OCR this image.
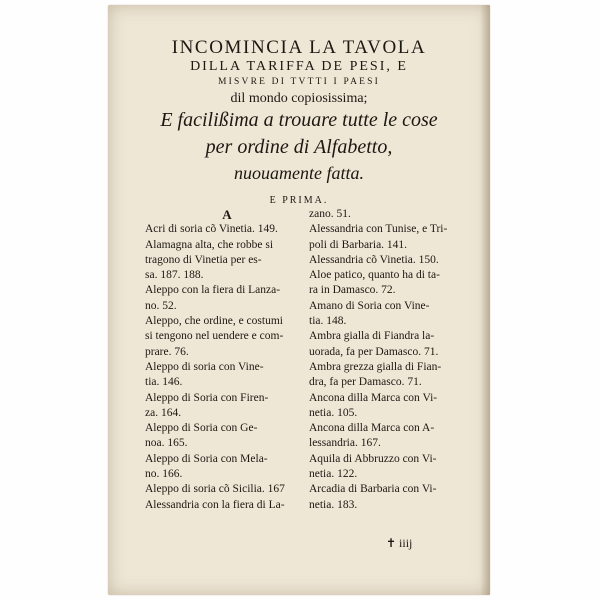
INCOMINCIA LA TAVOLA
DILLA TARIFFA DE PESI, E
MISVRE DI TVTTI I PAESI
dil mondo copiosissima;
E facilißima a trouare tutte le cose
per ordine di Alfabetto,
nuouamente fatta.
E PRIMA.
A
Acri di soria cõ Vinetia. 149.
Alamagna alta, che robbe si
tragono di Vinetia per es-
sa. 187. 188.
Aleppo con la fiera di Lanza-
no. 52.
Aleppo, che ordine, e costumi
si tengono nel uendere e com-
prare. 76.
Aleppo di soria con Vine-
tia. 146.
Aleppo di Soria con Firen-
za. 164.
Aleppo di Soria con Ge-
noa. 165.
Aleppo di Soria con Mela-
no. 166.
Aleppo di soria cõ Sicilia. 167
Alessandria con la fiera di La-
zano. 51.
Alessandria con Tunise, e Tri-
poli di Barbaria. 141.
Alessandria cõ Vinetia. 150.
Aloe patico, quanto ha di ta-
ra in Damasco. 72.
Amano di Soria con Vine-
tia. 148.
Ambra gialla di Fiandra la-
uorada, fa per Damasco. 71.
Ambra grezza gialla di Fian-
dra, fa per Damasco. 71.
Ancona dilla Marca con Vi-
netia. 105.
Ancona dilla Marca con A-
lessandria. 167.
Aquila di Abbruzzo con Vi-
netia. 122.
Arcadia di Barbaria con Vi-
netia. 183.
✝ iiij
